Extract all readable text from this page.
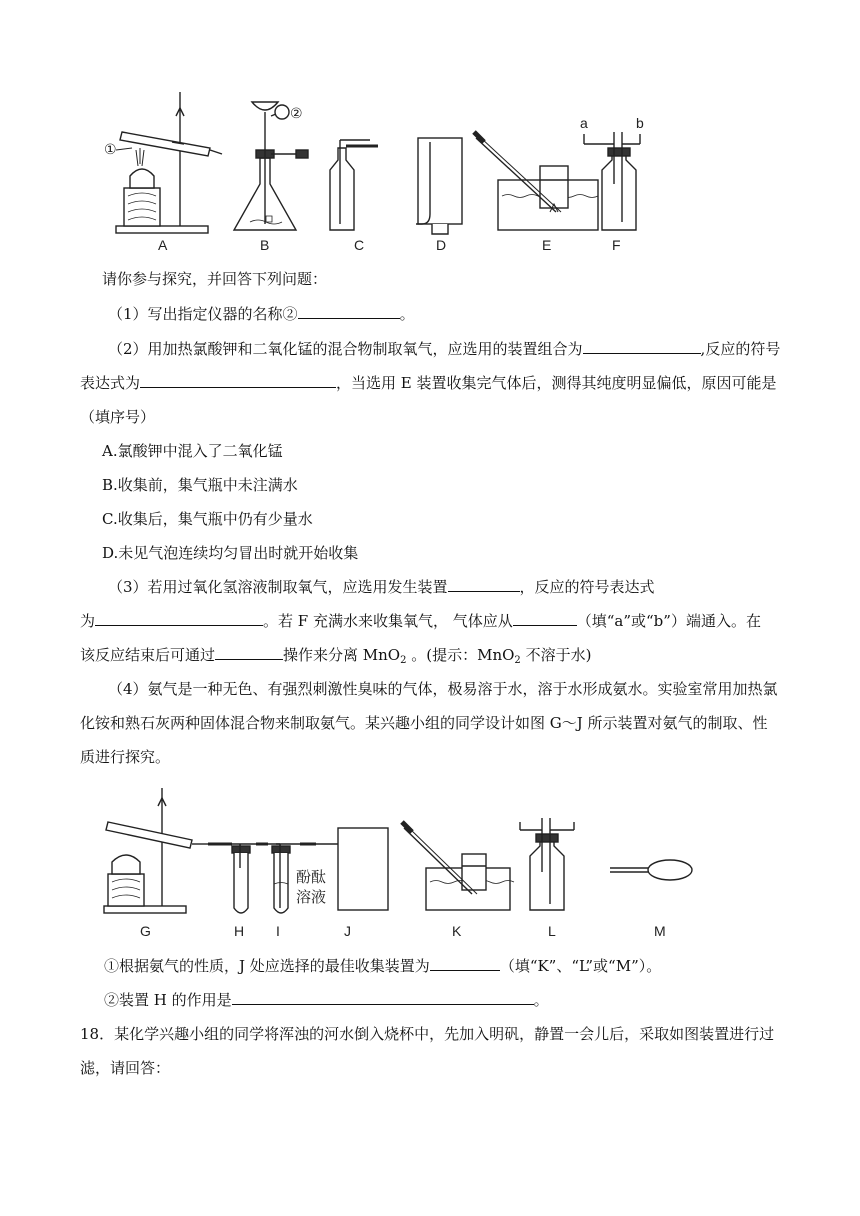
①
②
a	b
A	B	C	D	E	F
请你参与探究，并回答下列问题：
（1）写出指定仪器的名称②	。
（2）用加热氯酸钾和二氧化锰的混合物制取氧气，应选用的装置组合为	,反应的符号
表达式为	，当选用 E 装置收集完气体后，测得其纯度明显偏低，原因可能是
（填序号）
A.氯酸钾中混入了二氧化锰
B.收集前，集气瓶中未注满水
C.收集后，集气瓶中仍有少量水
D.未见气泡连续均匀冒出时就开始收集
（3）若用过氧化氢溶液制取氧气，应选用发生装置	，反应的符号表达式
为	。若 F 充满水来收集氧气， 气体应从	（填“a”或“b”）端通入。在
该反应结束后可通过	操作来分离 MnO$_2$ 。(提示：MnO$_2$ 不溶于水)
（4）氨气是一种无色、有强烈刺激性臭味的气体，极易溶于水，溶于水形成氨水。实验室常用加热氯
化铵和熟石灰两种固体混合物来制取氨气。某兴趣小组的同学设计如图 G～J 所示装置对氨气的制取、性
质进行探究。
酚酞
溶液
G	H I	J	K	L	M
①根据氨气的性质，J 处应选择的最佳收集装置为	（填“K”、“L”或“M”）。
②装置 H 的作用是	。
18．某化学兴趣小组的同学将浑浊的河水倒入烧杯中，先加入明矾，静置一会儿后，采取如图装置进行过
滤，请回答：
